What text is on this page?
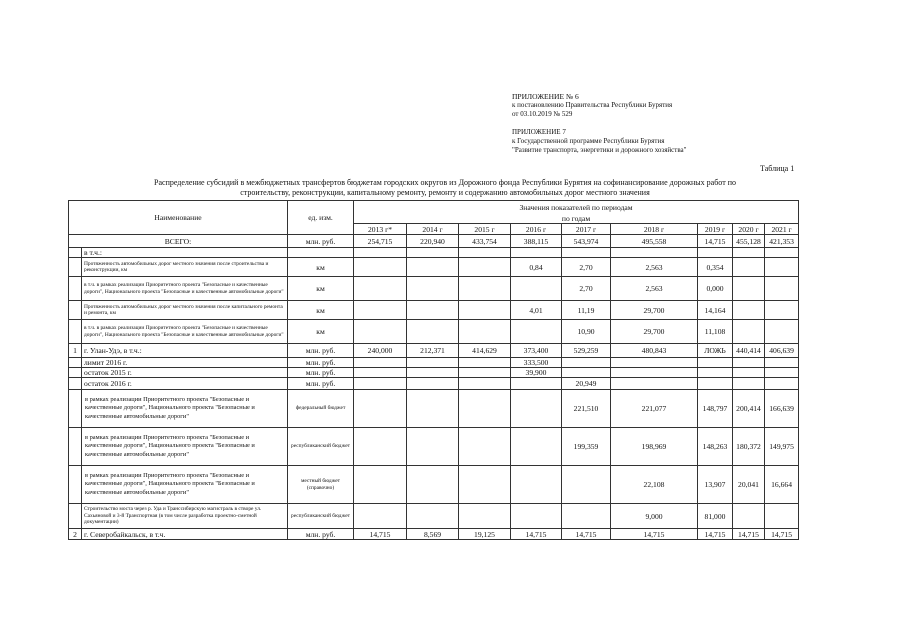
ПРИЛОЖЕНИЕ № 6
к постановлению Правительства Республики Бурятия
от 03.10.2019 № 529
ПРИЛОЖЕНИЕ 7
к Государственной программе Республики Бурятия
"Развитие транспорта, энергетики и дорожного хозяйства"
Таблица 1
Распределение субсидий в межбюджетных трансфертов бюджетам городских округов из Дорожного фонда Республики Бурятия на софинансирование дорожных работ по
строительству, реконструкции, капитальному ремонту, ремонту и содержанию автомобильных дорог местного значения
Наименование		ед. изм.	Значения показателей по периодам								
			по годам								
			2013 г*	2014 г	2015 г	2016 г	2017 г	2018 г	2019 г	2020 г	2021 г
ВСЕГО:		млн. руб.	254,715	220,940	433,754	388,115	543,974	495,558	14,715	455,128	421,353
	в т.ч.:										
	Протяженность автомобильных дорог местного значения после строительства и реконструкции, км	км				0,84	2,70	2,563	0,354		
	в т.ч. в рамках реализации Приоритетного проекта "Безопасные и качественные дороги", Национального проекта "Безопасные и качественные автомобильные дороги"	км					2,70	2,563	0,000		
	Протяженность автомобильных дорог местного значения после капитального ремонта и ремонта, км	км				4,01	11,19	29,700	14,164		
	в т.ч. в рамках реализации Приоритетного проекта "Безопасные и качественные дороги", Национального проекта "Безопасные и качественные автомобильные дороги"	км					10,90	29,700	11,108		
1	г. Улан-Удэ, в т.ч.:	млн. руб.	240,000	212,371	414,629	373,400	529,259	480,843	ЛОЖЬ	440,414	406,639
	лимит 2016 г.	млн. руб.				333,500					
	остаток 2015 г.	млн. руб.				39,900					
	остаток 2016 г.	млн. руб.					20,949				
	в рамках реализации Приоритетного проекта "Безопасные и качественные дороги", Национального проекта "Безопасные и качественные автомобильные дороги"	федеральный бюджет					221,510	221,077	148,797	200,414	166,639
	в рамках реализации Приоритетного проекта "Безопасные и качественные дороги", Национального проекта "Безопасные и качественные автомобильные дороги"	республиканский бюджет					199,359	198,969	148,263	180,372	149,975
	в рамках реализации Приоритетного проекта "Безопасные и качественные дороги", Национального проекта "Безопасные и качественные автомобильные дороги"	местный бюджет (справочно)						22,108	13,907	20,041	16,664
	Строительство моста через р. Уда и Транссибирскую магистраль в створе ул. Сахьяновой и 3-й Транспортная (в том числе разработка проектно-сметной документации)	республиканский бюджет						9,000	81,000		
2	г. Северобайкальск, в т.ч.	млн. руб.	14,715	8,569	19,125	14,715	14,715	14,715	14,715	14,715	14,715
